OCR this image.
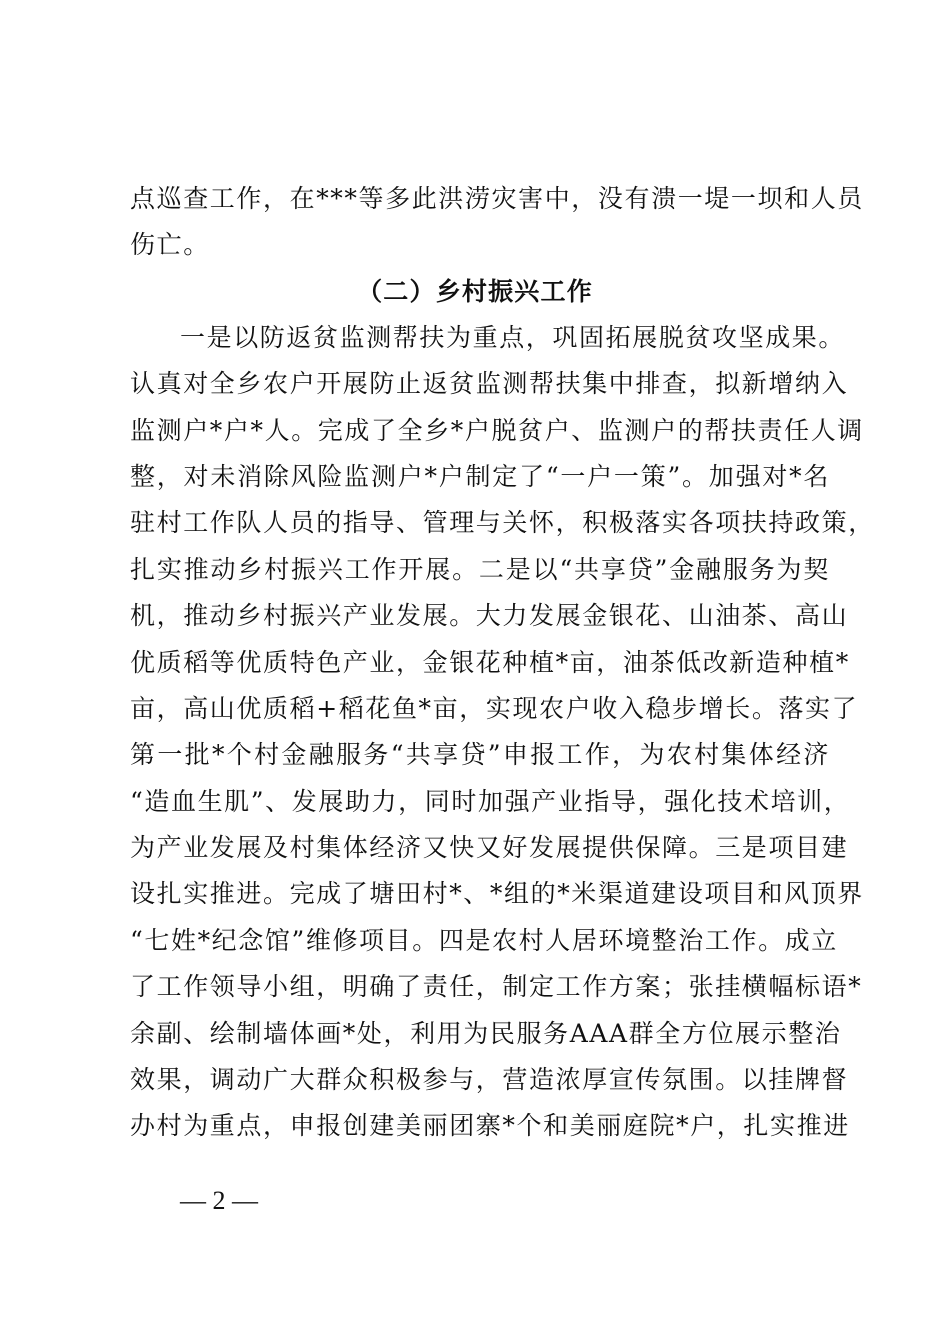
点巡查工作，在***等多此洪涝灾害中，没有溃一堤一坝和人员
伤亡。
（二）乡村振兴工作
一是以防返贫监测帮扶为重点，巩固拓展脱贫攻坚成果。
认真对全乡农户开展防止返贫监测帮扶集中排查，拟新增纳入
监测户*户*人。完成了全乡*户脱贫户、监测户的帮扶责任人调
整，对未消除风险监测户*户制定了“一户一策”。加强对*名
驻村工作队人员的指导、管理与关怀，积极落实各项扶持政策，
扎实推动乡村振兴工作开展。二是以“共享贷”金融服务为契
机，推动乡村振兴产业发展。大力发展金银花、山油茶、高山
优质稻等优质特色产业，金银花种植*亩，油茶低改新造种植*
亩，高山优质稻+稻花鱼*亩，实现农户收入稳步增长。落实了
第一批*个村金融服务“共享贷”申报工作，为农村集体经济
“造血生肌”、发展助力，同时加强产业指导，强化技术培训，
为产业发展及村集体经济又快又好发展提供保障。三是项目建
设扎实推进。完成了塘田村*、*组的*米渠道建设项目和风顶界
“七姓*纪念馆”维修项目。四是农村人居环境整治工作。成立
了工作领导小组，明确了责任，制定工作方案；张挂横幅标语*
余副、绘制墙体画*处，利用为民服务AAA群全方位展示整治
效果，调动广大群众积极参与，营造浓厚宣传氛围。以挂牌督
办村为重点，申报创建美丽团寨*个和美丽庭院*户，扎实推进
— 2 —
